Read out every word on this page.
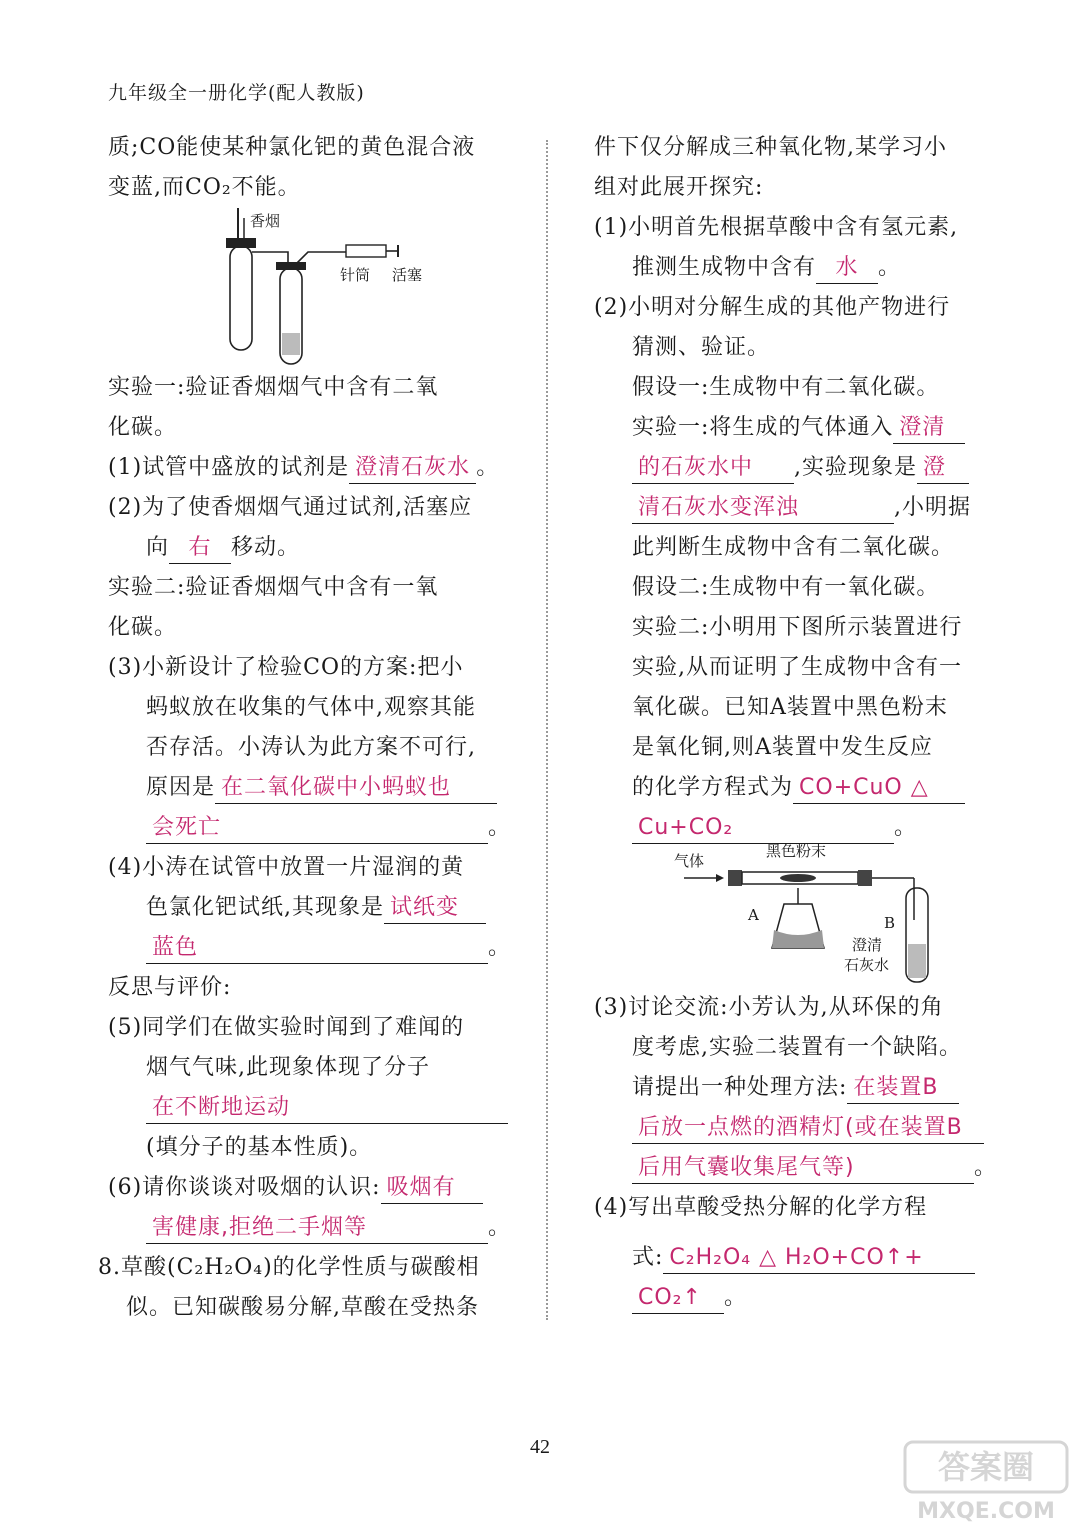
九年级全一册化学(配人教版)
质;CO能使某种氯化钯的黄色混合液
变蓝,而CO₂不能。
香烟
针筒 活塞
实验一:验证香烟烟气中含有二氧
化碳。
(1)试管中盛放的试剂是 澄清石灰水 。
(2)为了使香烟烟气通过试剂,活塞应
向 右 移动。
实验二:验证香烟烟气中含有一氧
化碳。
(3)小新设计了检验CO的方案:把小
蚂蚁放在收集的气体中,观察其能
否存活。小涛认为此方案不可行,
原因是 在二氧化碳中小蚂蚁也
会死亡	。
(4)小涛在试管中放置一片湿润的黄
色氯化钯试纸,其现象是 试纸变
蓝色	。
反思与评价:
(5)同学们在做实验时闻到了难闻的
烟气气味,此现象体现了分子
在不断地运动
(填分子的基本性质)。
(6)请你谈谈对吸烟的认识: 吸烟有
害健康,拒绝二手烟等	。
8.草酸(C₂H₂O₄)的化学性质与碳酸相
似。已知碳酸易分解,草酸在受热条
件下仅分解成三种氧化物,某学习小
组对此展开探究:
(1)小明首先根据草酸中含有氢元素,
推测生成物中含有 水 。
(2)小明对分解生成的其他产物进行
猜测、验证。
假设一:生成物中有二氧化碳。
实验一:将生成的气体通入 澄清
的石灰水中 ,实验现象是 澄
清石灰水变浑浊	,小明据
此判断生成物中含有二氧化碳。
假设二:生成物中有一氧化碳。
实验二:小明用下图所示装置进行
实验,从而证明了生成物中含有一
氧化碳。已知A装置中黑色粉末
是氧化铜,则A装置中发生反应
的化学方程式为 CO+CuO △
Cu+CO₂	。
气体
黑色粉末
A	B
澄清
石灰水
(3)讨论交流:小芳认为,从环保的角
度考虑,实验二装置有一个缺陷。
请提出一种处理方法: 在装置B
后放一点燃的酒精灯(或在装置B
后用气囊收集尾气等)	。
(4)写出草酸受热分解的化学方程
式: C₂H₂O₄ △ H₂O+CO↑+
CO₂↑ 。
42
答案圈
MXQE.COM
